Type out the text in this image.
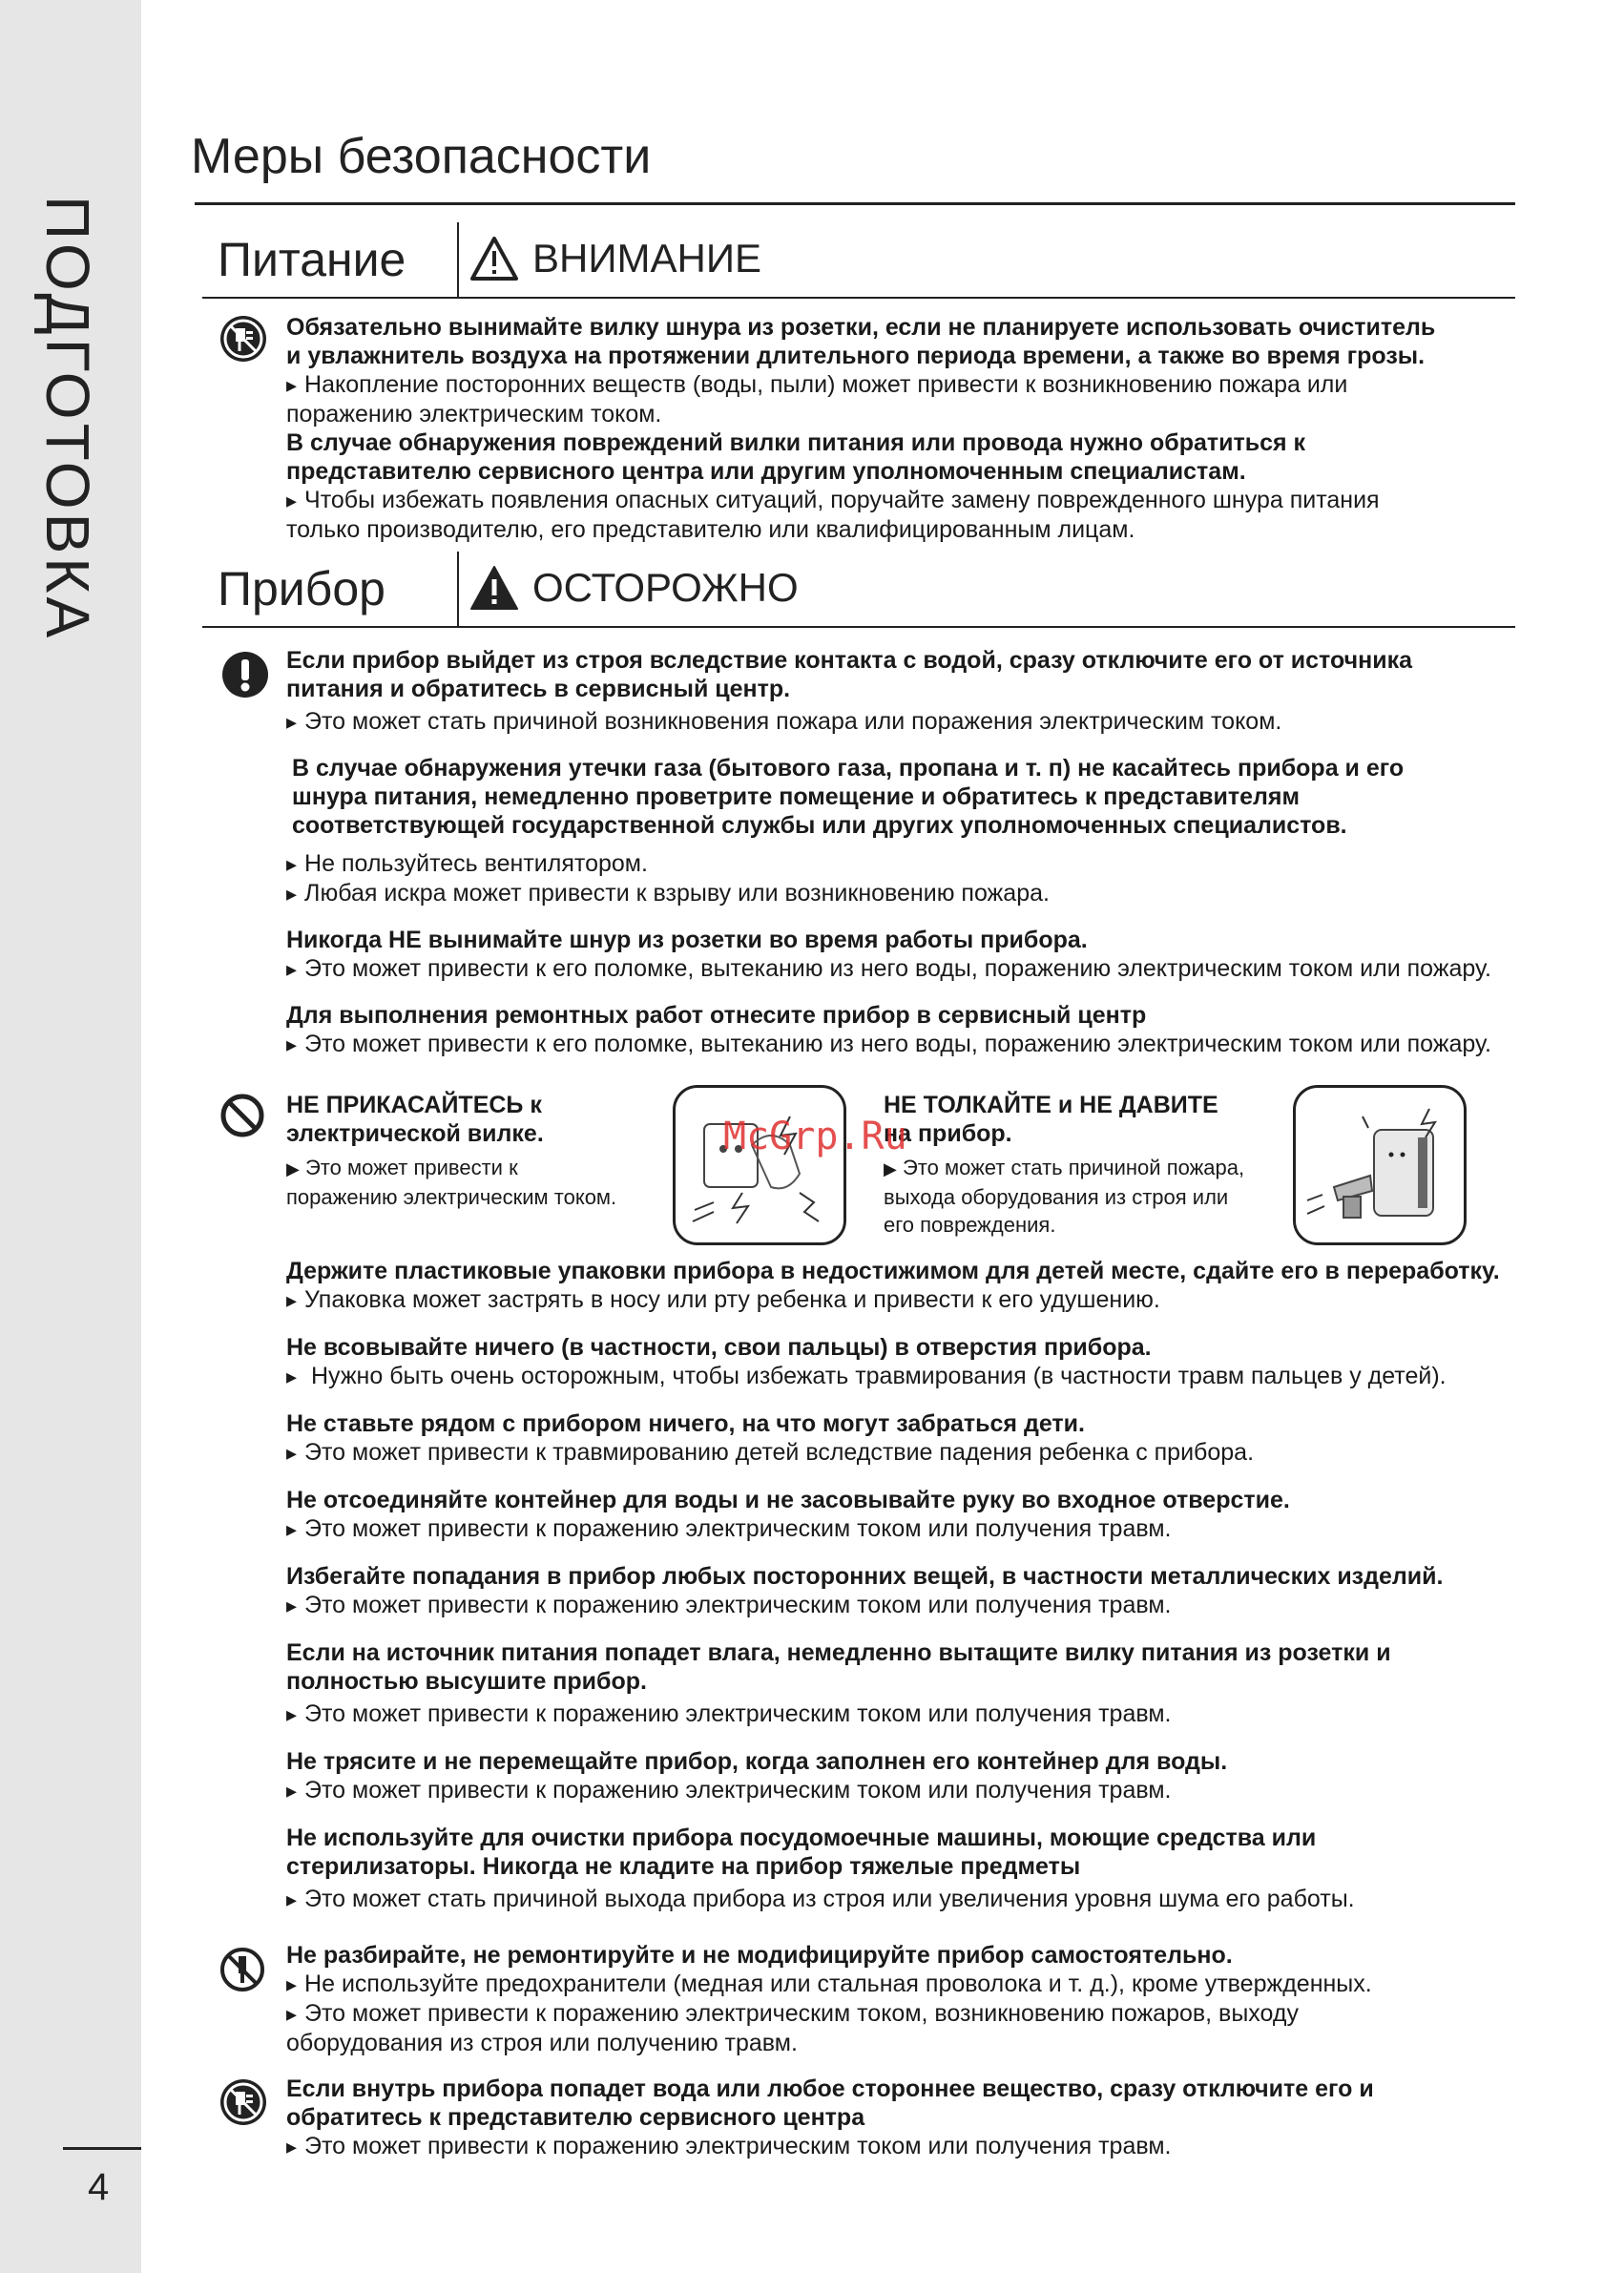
ПОДГОТОВКА
4
Меры безопасности
Питание	ВНИМАНИЕ
Обязательно вынимайте вилку шнура из розетки, если не планируете использовать очиститель
и увлажнитель воздуха на протяжении длительного периода времени, а также во время грозы.
▸ Накопление посторонних веществ (воды, пыли) может привести к возникновению пожара или
поражению электрическим током.
В случае обнаружения повреждений вилки питания или провода нужно обратиться к
представителю сервисного центра или другим уполномоченным специалистам.
▸ Чтобы избежать появления опасных ситуаций, поручайте замену поврежденного шнура питания
только производителю, его представителю или квалифицированным лицам.
Прибор	ОСТОРОЖНО
Если прибор выйдет из строя вследствие контакта с водой, сразу отключите его от источника
питания и обратитесь в сервисный центр.
▸ Это может стать причиной возникновения пожара или поражения электрическим током.
В случае обнаружения утечки газа (бытового газа, пропана и т. п) не касайтесь прибора и его
шнура питания, немедленно проветрите помещение и обратитесь к представителям
соответствующей государственной службы или других уполномоченных специалистов.
▸ Не пользуйтесь вентилятором.
▸ Любая искра может привести к взрыву или возникновению пожара.
Никогда НЕ вынимайте шнур из розетки во время работы прибора.
▸ Это может привести к его поломке, вытеканию из него воды, поражению электрическим током или пожару.
Для выполнения ремонтных работ отнесите прибор в сервисный центр
▸ Это может привести к его поломке, вытеканию из него воды, поражению электрическим током или пожару.
НЕ ПРИКАСАЙТЕСЬ к
электрической вилке.
▶ Это может привести к
поражению электрическим током.
НЕ ТОЛКАЙТЕ и НЕ ДАВИТЕ
на прибор.
▶ Это может стать причиной пожара,
выхода оборудования из строя или
его повреждения.
McGrp.Ru
Держите пластиковые упаковки прибора в недостижимом для детей месте, сдайте его в переработку.
▸ Упаковка может застрять в носу или рту ребенка и привести к его удушению.
Не всовывайте ничего (в частности, свои пальцы) в отверстия прибора.
▸ Нужно быть очень осторожным, чтобы избежать травмирования (в частности травм пальцев у детей).
Не ставьте рядом с прибором ничего, на что могут забраться дети.
▸ Это может привести к травмированию детей вследствие падения ребенка с прибора.
Не отсоединяйте контейнер для воды и не засовывайте руку во входное отверстие.
▸ Это может привести к поражению электрическим током или получения травм.
Избегайте попадания в прибор любых посторонних вещей, в частности металлических изделий.
▸ Это может привести к поражению электрическим током или получения травм.
Если на источник питания попадет влага, немедленно вытащите вилку питания из розетки и
полностью высушите прибор.
▸ Это может привести к поражению электрическим током или получения травм.
Не трясите и не перемещайте прибор, когда заполнен его контейнер для воды.
▸ Это может привести к поражению электрическим током или получения травм.
Не используйте для очистки прибора посудомоечные машины, моющие средства или
стерилизаторы. Никогда не кладите на прибор тяжелые предметы
▸ Это может стать причиной выхода прибора из строя или увеличения уровня шума его работы.
Не разбирайте, не ремонтируйте и не модифицируйте прибор самостоятельно.
▸ Не используйте предохранители (медная или стальная проволока и т. д.), кроме утвержденных.
▸ Это может привести к поражению электрическим током, возникновению пожаров, выходу
оборудования из строя или получению травм.
Если внутрь прибора попадет вода или любое стороннее вещество, сразу отключите его и
обратитесь к представителю сервисного центра
▸ Это может привести к поражению электрическим током или получения травм.
